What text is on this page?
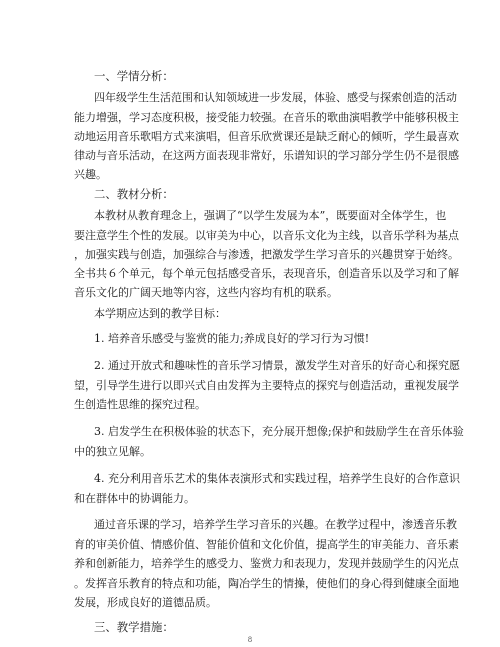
一、学情分析：
四年级学生生活范围和认知领域进一步发展，体验、感受与探索创造的活动
能力增强，学习态度积极，接受能力较强。在音乐的歌曲演唱教学中能够积极主
动地运用音乐歌唱方式来演唱，但音乐欣赏课还是缺乏耐心的倾听，学生最喜欢
律动与音乐活动，在这两方面表现非常好，乐谱知识的学习部分学生仍不是很感
兴趣。
二、教材分析：
本教材从教育理念上，强调了“以学生发展为本”，既要面对全体学生，也
要注意学生个性的发展。以审美为中心，以音乐文化为主线，以音乐学科为基点
，加强实践与创造，加强综合与渗透，把激发学生学习音乐的兴趣贯穿于始终。
全书共６个单元，每个单元包括感受音乐，表现音乐，创造音乐以及学习和了解
音乐文化的广阔天地等内容，这些内容均有机的联系。
本学期应达到的教学目标：
1. 培养音乐感受与鉴赏的能力;养成良好的学习行为习惯!
2. 通过开放式和趣味性的音乐学习情景，激发学生对音乐的好奇心和探究愿
望，引导学生进行以即兴式自由发挥为主要特点的探究与创造活动，重视发展学
生创造性思维的探究过程。
3. 启发学生在积极体验的状态下，充分展开想像;保护和鼓励学生在音乐体验
中的独立见解。
4. 充分利用音乐艺术的集体表演形式和实践过程，培养学生良好的合作意识
和在群体中的协调能力。
通过音乐课的学习，培养学生学习音乐的兴趣。在教学过程中，渗透音乐教
育的审美价值、情感价值、智能价值和文化价值，提高学生的审美能力、音乐素
养和创新能力，培养学生的感受力、鉴赏力和表现力，发现并鼓励学生的闪光点
。发挥音乐教育的特点和功能，陶冶学生的情操，使他们的身心得到健康全面地
发展，形成良好的道德品质。
三、教学措施：
8
